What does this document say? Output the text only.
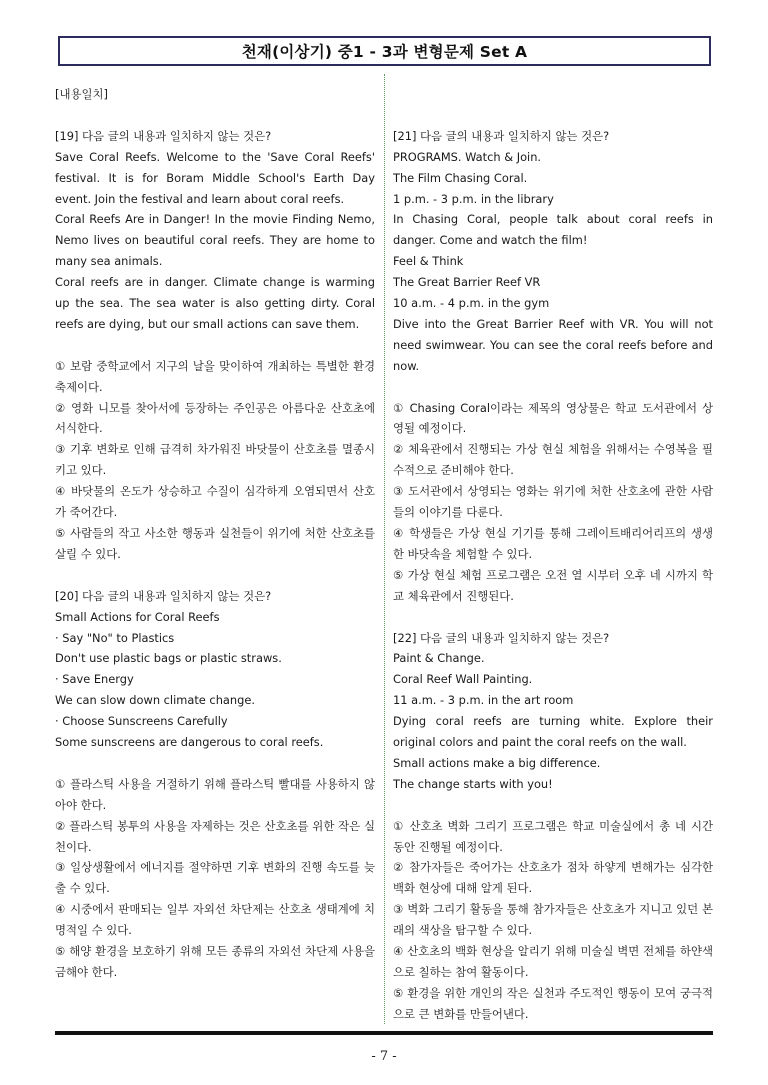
천재(이상기) 중1 - 3과 변형문제 Set A

[내용일치]

[19] 다음 글의 내용과 일치하지 않는 것은?

Save Coral Reefs. Welcome to the 'Save Coral Reefs' festival. It is for Boram Middle School's Earth Day event. Join the festival and learn about coral reefs.

Coral Reefs Are in Danger! In the movie Finding Nemo, Nemo lives on beautiful coral reefs. They are home to many sea animals.

Coral reefs are in danger. Climate change is warming up the sea. The sea water is also getting dirty. Coral reefs are dying, but our small actions can save them.

① 보람 중학교에서 지구의 날을 맞이하여 개최하는 특별한 환경 축제이다.

② 영화 니모를 찾아서에 등장하는 주인공은 아름다운 산호초에 서식한다.

③ 기후 변화로 인해 급격히 차가워진 바닷물이 산호초를 멸종시키고 있다.

④ 바닷물의 온도가 상승하고 수질이 심각하게 오염되면서 산호가 죽어간다.

⑤ 사람들의 작고 사소한 행동과 실천들이 위기에 처한 산호초를 살릴 수 있다.

[20] 다음 글의 내용과 일치하지 않는 것은?

Small Actions for Coral Reefs

· Say "No" to Plastics

Don't use plastic bags or plastic straws.

· Save Energy

We can slow down climate change.

· Choose Sunscreens Carefully

Some sunscreens are dangerous to coral reefs.

① 플라스틱 사용을 거절하기 위해 플라스틱 빨대를 사용하지 않아야 한다.

② 플라스틱 봉투의 사용을 자제하는 것은 산호초를 위한 작은 실천이다.

③ 일상생활에서 에너지를 절약하면 기후 변화의 진행 속도를 늦출 수 있다.

④ 시중에서 판매되는 일부 자외선 차단제는 산호초 생태계에 치명적일 수 있다.

⑤ 해양 환경을 보호하기 위해 모든 종류의 자외선 차단제 사용을 금해야 한다.

[21] 다음 글의 내용과 일치하지 않는 것은?

PROGRAMS. Watch & Join.

The Film Chasing Coral.

1 p.m. - 3 p.m. in the library

In Chasing Coral, people talk about coral reefs in danger. Come and watch the film!

Feel & Think

The Great Barrier Reef VR

10 a.m. - 4 p.m. in the gym

Dive into the Great Barrier Reef with VR. You will not need swimwear. You can see the coral reefs before and now.

① Chasing Coral이라는 제목의 영상물은 학교 도서관에서 상영될 예정이다.

② 체육관에서 진행되는 가상 현실 체험을 위해서는 수영복을 필수적으로 준비해야 한다.

③ 도서관에서 상영되는 영화는 위기에 처한 산호초에 관한 사람들의 이야기를 다룬다.

④ 학생들은 가상 현실 기기를 통해 그레이트배리어리프의 생생한 바닷속을 체험할 수 있다.

⑤ 가상 현실 체험 프로그램은 오전 열 시부터 오후 네 시까지 학교 체육관에서 진행된다.

[22] 다음 글의 내용과 일치하지 않는 것은?

Paint & Change.

Coral Reef Wall Painting.

11 a.m. - 3 p.m. in the art room

Dying coral reefs are turning white. Explore their original colors and paint the coral reefs on the wall.

Small actions make a big difference.

The change starts with you!

① 산호초 벽화 그리기 프로그램은 학교 미술실에서 총 네 시간 동안 진행될 예정이다.

② 참가자들은 죽어가는 산호초가 점차 하얗게 변해가는 심각한 백화 현상에 대해 알게 된다.

③ 벽화 그리기 활동을 통해 참가자들은 산호초가 지니고 있던 본래의 색상을 탐구할 수 있다.

④ 산호초의 백화 현상을 알리기 위해 미술실 벽면 전체를 하얀색으로 칠하는 참여 활동이다.

⑤ 환경을 위한 개인의 작은 실천과 주도적인 행동이 모여 궁극적으로 큰 변화를 만들어낸다.

- 7 -
